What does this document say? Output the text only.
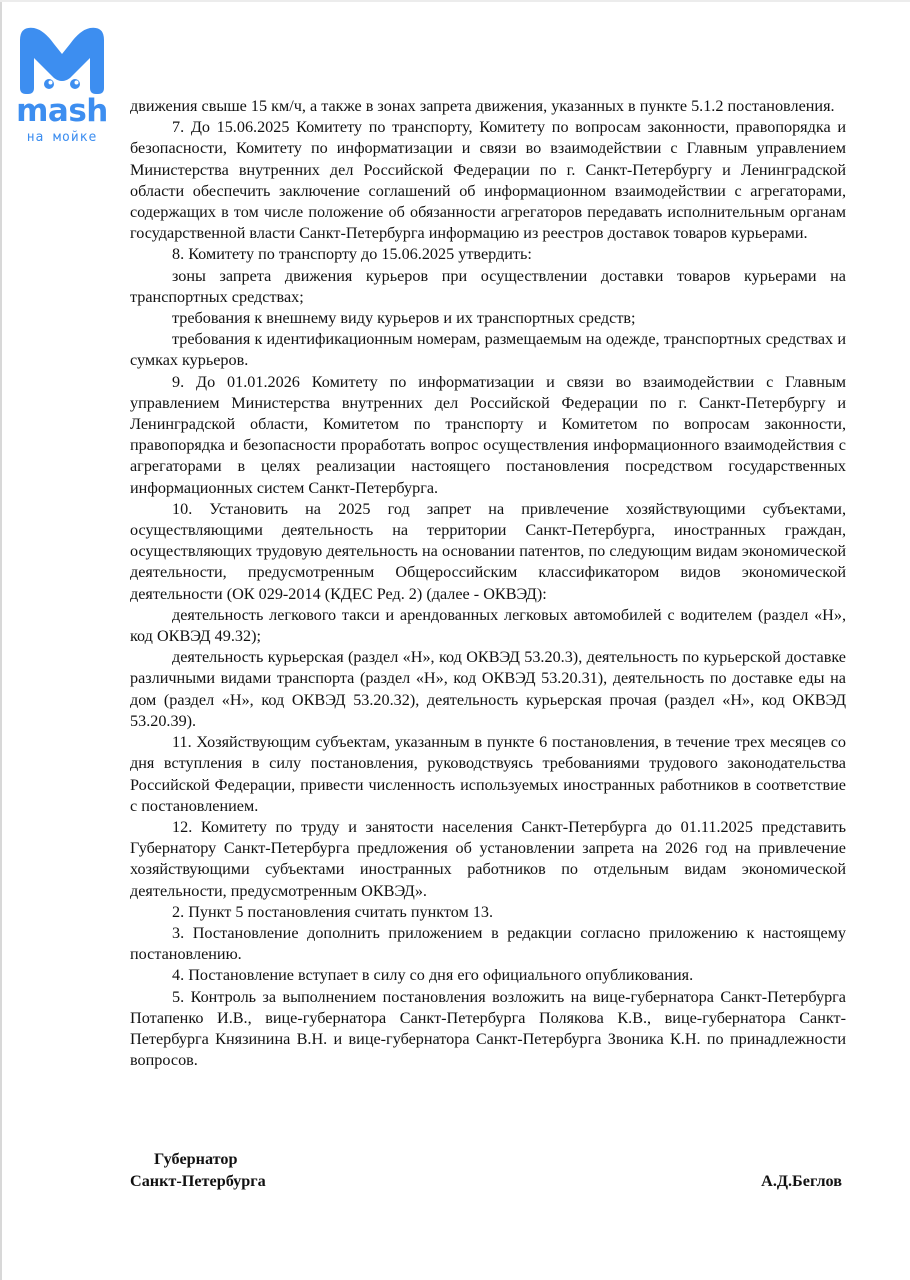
mash
на мойке

движения свыше 15 км/ч, а также в зонах запрета движения, указанных в пункте 5.1.2 постановления.

7. До 15.06.2025 Комитету по транспорту, Комитету по вопросам законности, правопорядка и безопасности, Комитету по информатизации и связи во взаимодействии с Главным управлением Министерства внутренних дел Российской Федерации по г. Санкт-Петербургу и Ленинградской области обеспечить заключение соглашений об информационном взаимодействии с агрегаторами, содержащих в том числе положение об обязанности агрегаторов передавать исполнительным органам государственной власти Санкт-Петербурга информацию из реестров доставок товаров курьерами.

8. Комитету по транспорту до 15.06.2025 утвердить:

зоны запрета движения курьеров при осуществлении доставки товаров курьерами на транспортных средствах;

требования к внешнему виду курьеров и их транспортных средств;

требования к идентификационным номерам, размещаемым на одежде, транспортных средствах и сумках курьеров.

9. До 01.01.2026 Комитету по информатизации и связи во взаимодействии с Главным управлением Министерства внутренних дел Российской Федерации по г. Санкт-Петербургу и Ленинградской области, Комитетом по транспорту и Комитетом по вопросам законности, правопорядка и безопасности проработать вопрос осуществления информационного взаимодействия с агрегаторами в целях реализации настоящего постановления посредством государственных информационных систем Санкт-Петербурга.

10. Установить на 2025 год запрет на привлечение хозяйствующими субъектами, осуществляющими деятельность на территории Санкт-Петербурга, иностранных граждан, осуществляющих трудовую деятельность на основании патентов, по следующим видам экономической деятельности, предусмотренным Общероссийским классификатором видов экономической деятельности (ОК 029-2014 (КДЕС Ред. 2) (далее - ОКВЭД):

деятельность легкового такси и арендованных легковых автомобилей с водителем (раздел «Н», код ОКВЭД 49.32);

деятельность курьерская (раздел «Н», код ОКВЭД 53.20.3), деятельность по курьерской доставке различными видами транспорта (раздел «Н», код ОКВЭД 53.20.31), деятельность по доставке еды на дом (раздел «Н», код ОКВЭД 53.20.32), деятельность курьерская прочая (раздел «Н», код ОКВЭД 53.20.39).

11. Хозяйствующим субъектам, указанным в пункте 6 постановления, в течение трех месяцев со дня вступления в силу постановления, руководствуясь требованиями трудового законодательства Российской Федерации, привести численность используемых иностранных работников в соответствие с постановлением.

12. Комитету по труду и занятости населения Санкт-Петербурга до 01.11.2025 представить Губернатору Санкт-Петербурга предложения об установлении запрета на 2026 год на привлечение хозяйствующими субъектами иностранных работников по отдельным видам экономической деятельности, предусмотренным ОКВЭД».

2. Пункт 5 постановления считать пунктом 13.

3. Постановление дополнить приложением в редакции согласно приложению к настоящему постановлению.

4. Постановление вступает в силу со дня его официального опубликования.

5. Контроль за выполнением постановления возложить на вице-губернатора Санкт-Петербурга Потапенко И.В., вице-губернатора Санкт-Петербурга Полякова К.В., вице-губернатора Санкт-Петербурга Князинина В.Н. и вице-губернатора Санкт-Петербурга Звоника К.Н. по принадлежности вопросов.

Губернатор
Санкт-Петербурга	А.Д.Беглов
